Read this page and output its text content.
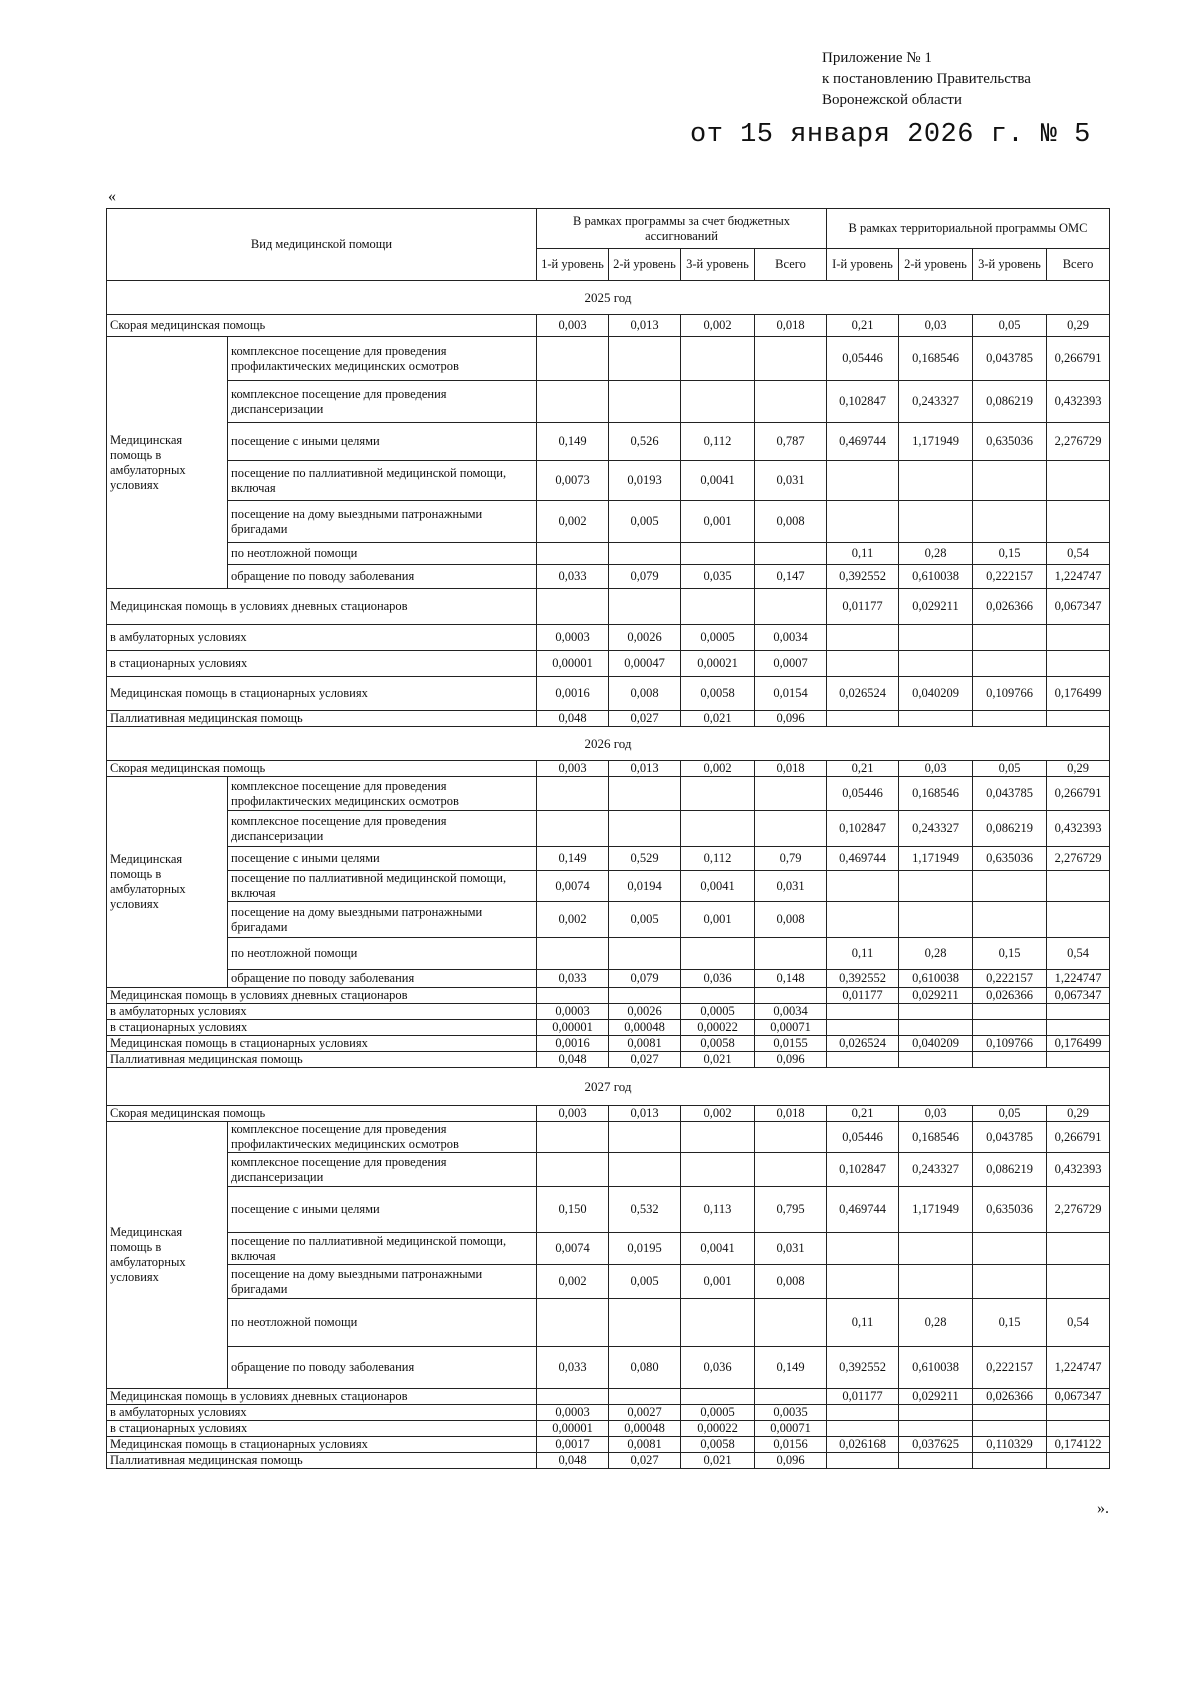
Приложение № 1
к постановлению Правительства
Воронежской области
от 15 января 2026 г. № 5
«
Вид медицинской помощи		В рамках программы за счет бюджетных ассигнований				В рамках территориальной программы ОМС			
		1-й уровень	2-й уровень	3-й уровень	Всего	I-й уровень	2-й уровень	3-й уровень	Всего
2025 год									
Скорая медицинская помощь		0,003	0,013	0,002	0,018	0,21	0,03	0,05	0,29
Медицинская помощь в амбулаторных условиях	комплексное посещение для проведения профилактических медицинских осмотров					0,05446	0,168546	0,043785	0,266791
	комплексное посещение для проведения диспансеризации					0,102847	0,243327	0,086219	0,432393
	посещение с иными целями	0,149	0,526	0,112	0,787	0,469744	1,171949	0,635036	2,276729
	посещение по паллиативной медицинской помощи, включая	0,0073	0,0193	0,0041	0,031				
	посещение на дому выездными патронажными бригадами	0,002	0,005	0,001	0,008				
	по неотложной помощи					0,11	0,28	0,15	0,54
	обращение по поводу заболевания	0,033	0,079	0,035	0,147	0,392552	0,610038	0,222157	1,224747
Медицинская помощь в условиях дневных стационаров						0,01177	0,029211	0,026366	0,067347
в амбулаторных условиях		0,0003	0,0026	0,0005	0,0034				
в стационарных условиях		0,00001	0,00047	0,00021	0,0007				
Медицинская помощь в стационарных условиях		0,0016	0,008	0,0058	0,0154	0,026524	0,040209	0,109766	0,176499
Паллиативная медицинская помощь		0,048	0,027	0,021	0,096				
2026 год									
Скорая медицинская помощь		0,003	0,013	0,002	0,018	0,21	0,03	0,05	0,29
Медицинская помощь в амбулаторных условиях	комплексное посещение для проведения профилактических медицинских осмотров					0,05446	0,168546	0,043785	0,266791
	комплексное посещение для проведения диспансеризации					0,102847	0,243327	0,086219	0,432393
	посещение с иными целями	0,149	0,529	0,112	0,79	0,469744	1,171949	0,635036	2,276729
	посещение по паллиативной медицинской помощи, включая	0,0074	0,0194	0,0041	0,031				
	посещение на дому выездными патронажными бригадами	0,002	0,005	0,001	0,008				
	по неотложной помощи					0,11	0,28	0,15	0,54
	обращение по поводу заболевания	0,033	0,079	0,036	0,148	0,392552	0,610038	0,222157	1,224747
Медицинская помощь в условиях дневных стационаров						0,01177	0,029211	0,026366	0,067347
в амбулаторных условиях		0,0003	0,0026	0,0005	0,0034				
в стационарных условиях		0,00001	0,00048	0,00022	0,00071				
Медицинская помощь в стационарных условиях		0,0016	0,0081	0,0058	0,0155	0,026524	0,040209	0,109766	0,176499
Паллиативная медицинская помощь		0,048	0,027	0,021	0,096				
2027 год									
Скорая медицинская помощь		0,003	0,013	0,002	0,018	0,21	0,03	0,05	0,29
Медицинская помощь в амбулаторных условиях	комплексное посещение для проведения профилактических медицинских осмотров					0,05446	0,168546	0,043785	0,266791
	комплексное посещение для проведения диспансеризации					0,102847	0,243327	0,086219	0,432393
	посещение с иными целями	0,150	0,532	0,113	0,795	0,469744	1,171949	0,635036	2,276729
	посещение по паллиативной медицинской помощи, включая	0,0074	0,0195	0,0041	0,031				
	посещение на дому выездными патронажными бригадами	0,002	0,005	0,001	0,008				
	по неотложной помощи					0,11	0,28	0,15	0,54
	обращение по поводу заболевания	0,033	0,080	0,036	0,149	0,392552	0,610038	0,222157	1,224747
Медицинская помощь в условиях дневных стационаров						0,01177	0,029211	0,026366	0,067347
в амбулаторных условиях		0,0003	0,0027	0,0005	0,0035				
в стационарных условиях		0,00001	0,00048	0,00022	0,00071				
Медицинская помощь в стационарных условиях		0,0017	0,0081	0,0058	0,0156	0,026168	0,037625	0,110329	0,174122
Паллиативная медицинская помощь		0,048	0,027	0,021	0,096				
».
